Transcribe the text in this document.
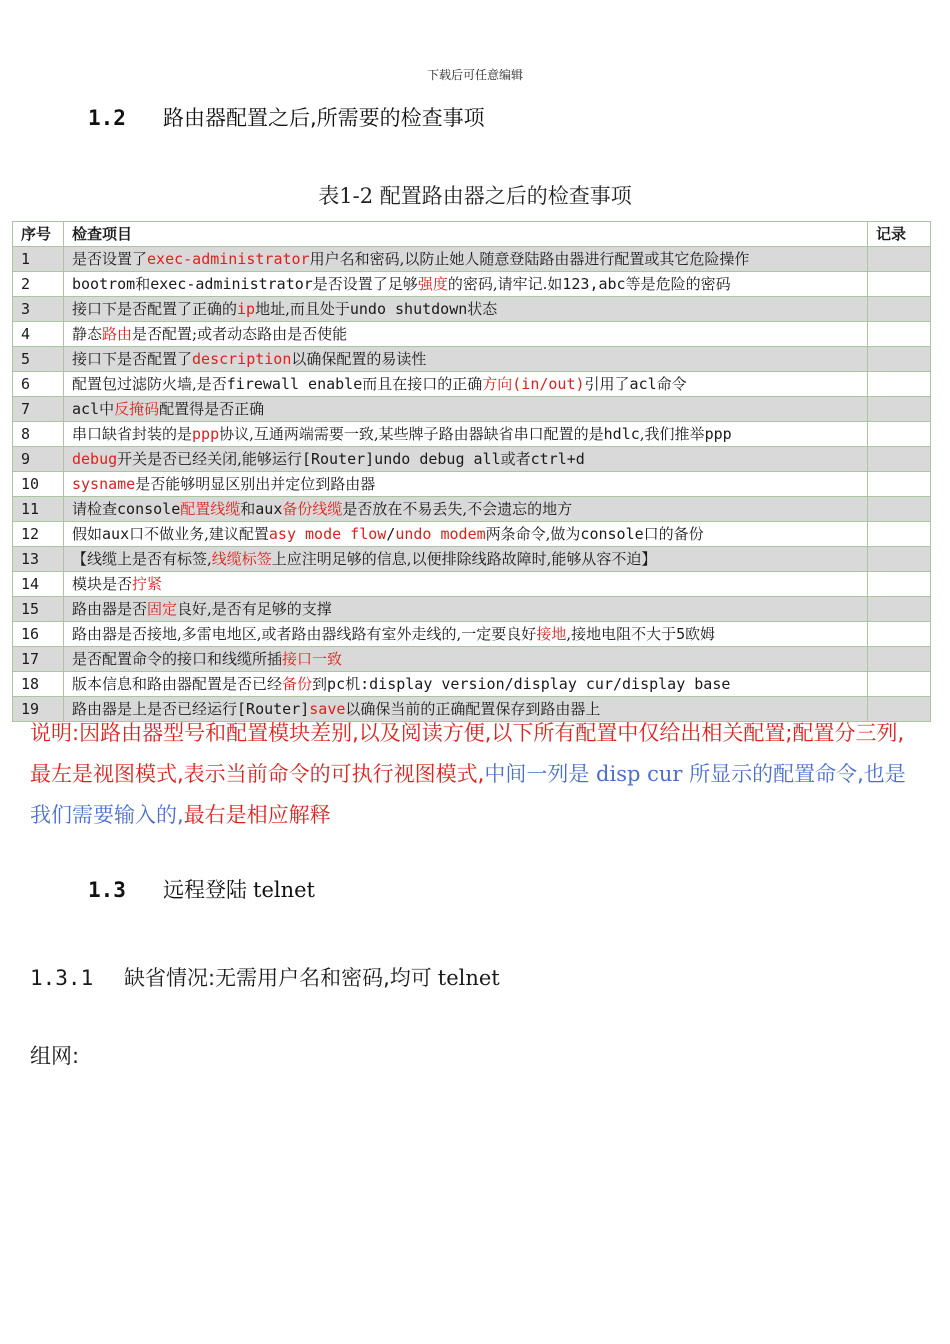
下载后可任意编辑
1.2	路由器配置之后,所需要的检查事项
表1-2 配置路由器之后的检查事项
序号	检查项目	记录
1	是否设置了exec-administrator用户名和密码,以防止她人随意登陆路由器进行配置或其它危险操作	
2	bootrom和exec-administrator是否设置了足够强度的密码,请牢记.如123,abc等是危险的密码	
3	接口下是否配置了正确的ip地址,而且处于undo shutdown状态	
4	静态路由是否配置;或者动态路由是否使能	
5	接口下是否配置了description以确保配置的易读性	
6	配置包过滤防火墙,是否firewall enable而且在接口的正确方向(in/out)引用了acl命令	
7	acl中反掩码配置得是否正确	
8	串口缺省封装的是ppp协议,互通两端需要一致,某些牌子路由器缺省串口配置的是hdlc,我们推举ppp	
9	debug开关是否已经关闭,能够运行[Router]undo debug all或者ctrl+d	
10	sysname是否能够明显区别出并定位到路由器	
11	请检查console配置线缆和aux备份线缆是否放在不易丢失,不会遗忘的地方	
12	假如aux口不做业务,建议配置asy mode flow/undo modem两条命令,做为console口的备份	
13	【线缆上是否有标签,线缆标签上应注明足够的信息,以便排除线路故障时,能够从容不迫】	
14	模块是否拧紧	
15	路由器是否固定良好,是否有足够的支撑	
16	路由器是否接地,多雷电地区,或者路由器线路有室外走线的,一定要良好接地,接地电阻不大于5欧姆	
17	是否配置命令的接口和线缆所插接口一致	
18	版本信息和路由器配置是否已经备份到pc机:display version/display cur/display base	
19	路由器是上是否已经运行[Router]save以确保当前的正确配置保存到路由器上	
说明:因路由器型号和配置模块差别,以及阅读方便,以下所有配置中仅给出相关配置;配置分三列,最左是视图模式,表示当前命令的可执行视图模式,中间一列是 disp cur 所显示的配置命令,也是我们需要输入的,最右是相应解释
1.3	远程登陆 telnet
1.3.1	缺省情况:无需用户名和密码,均可 telnet
组网:
